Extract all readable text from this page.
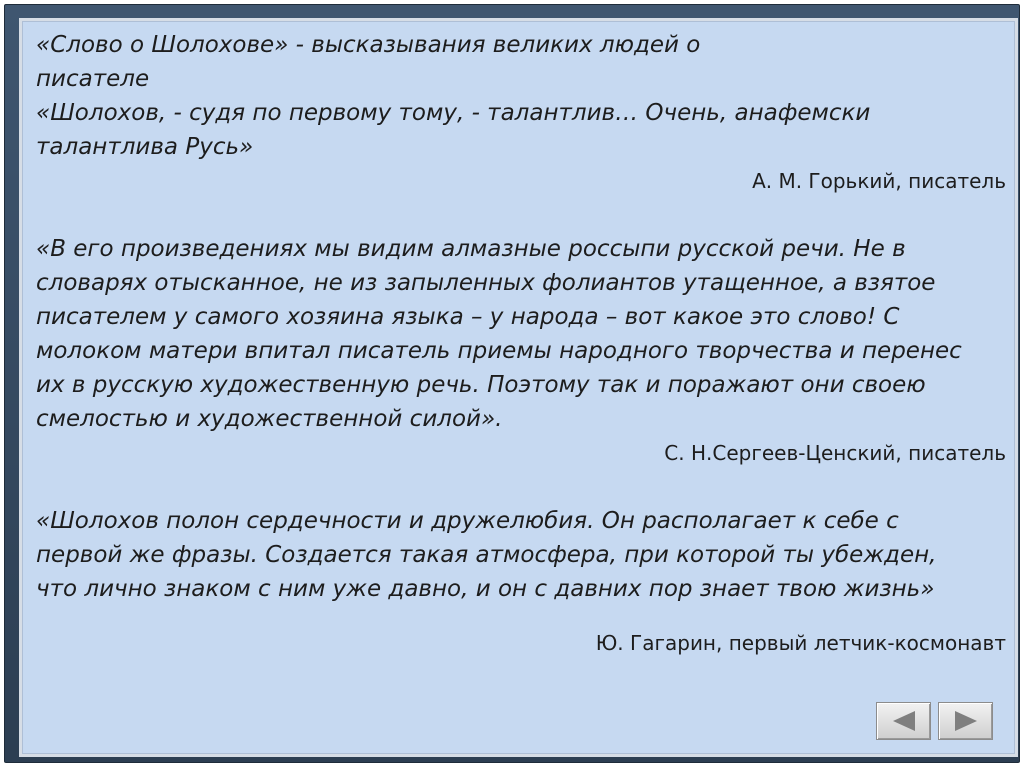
«Слово о Шолохове» - высказывания великих людей о
писателе

«Шолохов, - судя по первому тому, - талантлив… Очень, анафемски
талантлива Русь»

А. М. Горький, писатель

«В его произведениях мы видим алмазные россыпи русской речи. Не в
словарях отысканное, не из запыленных фолиантов утащенное, а взятое
писателем у самого хозяина языка – у народа – вот какое это слово! С
молоком матери впитал писатель приемы народного творчества и перенес
их в русскую художественную речь. Поэтому так и поражают они своею
смелостью и художественной силой».

С. Н.Сергеев-Ценский, писатель

«Шолохов полон сердечности и дружелюбия. Он располагает к себе с
первой же фразы. Создается такая атмосфера, при которой ты убежден,
что лично знаком с ним уже давно, и он с давних пор знает твою жизнь»

Ю. Гагарин, первый летчик-космонавт
